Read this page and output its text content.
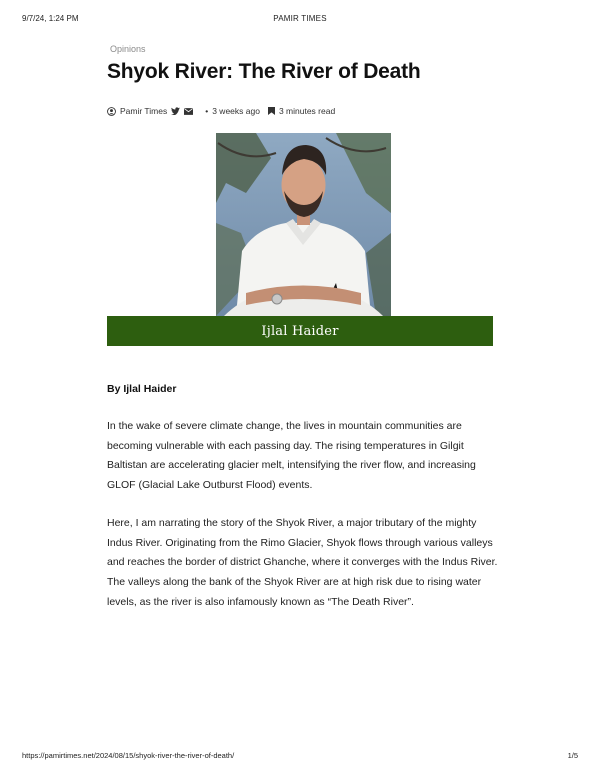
9/7/24, 1:24 PM	PAMIR TIMES
Opinions
Shyok River: The River of Death
Pamir Times	• 3 weeks ago 3 minutes read
Ijlal Haider
By Ijlal Haider

In the wake of severe climate change, the lives in mountain communities are becoming vulnerable with each passing day. The rising temperatures in Gilgit Baltistan are accelerating glacier melt, intensifying the river flow, and increasing GLOF (Glacial Lake Outburst Flood) events.

Here, I am narrating the story of the Shyok River, a major tributary of the mighty Indus River. Originating from the Rimo Glacier, Shyok flows through various valleys and reaches the border of district Ghanche, where it converges with the Indus River. The valleys along the bank of the Shyok River are at high risk due to rising water levels, as the river is also infamously known as “The Death River”.

https://pamirtimes.net/2024/08/15/shyok-river-the-river-of-death/	1/5
